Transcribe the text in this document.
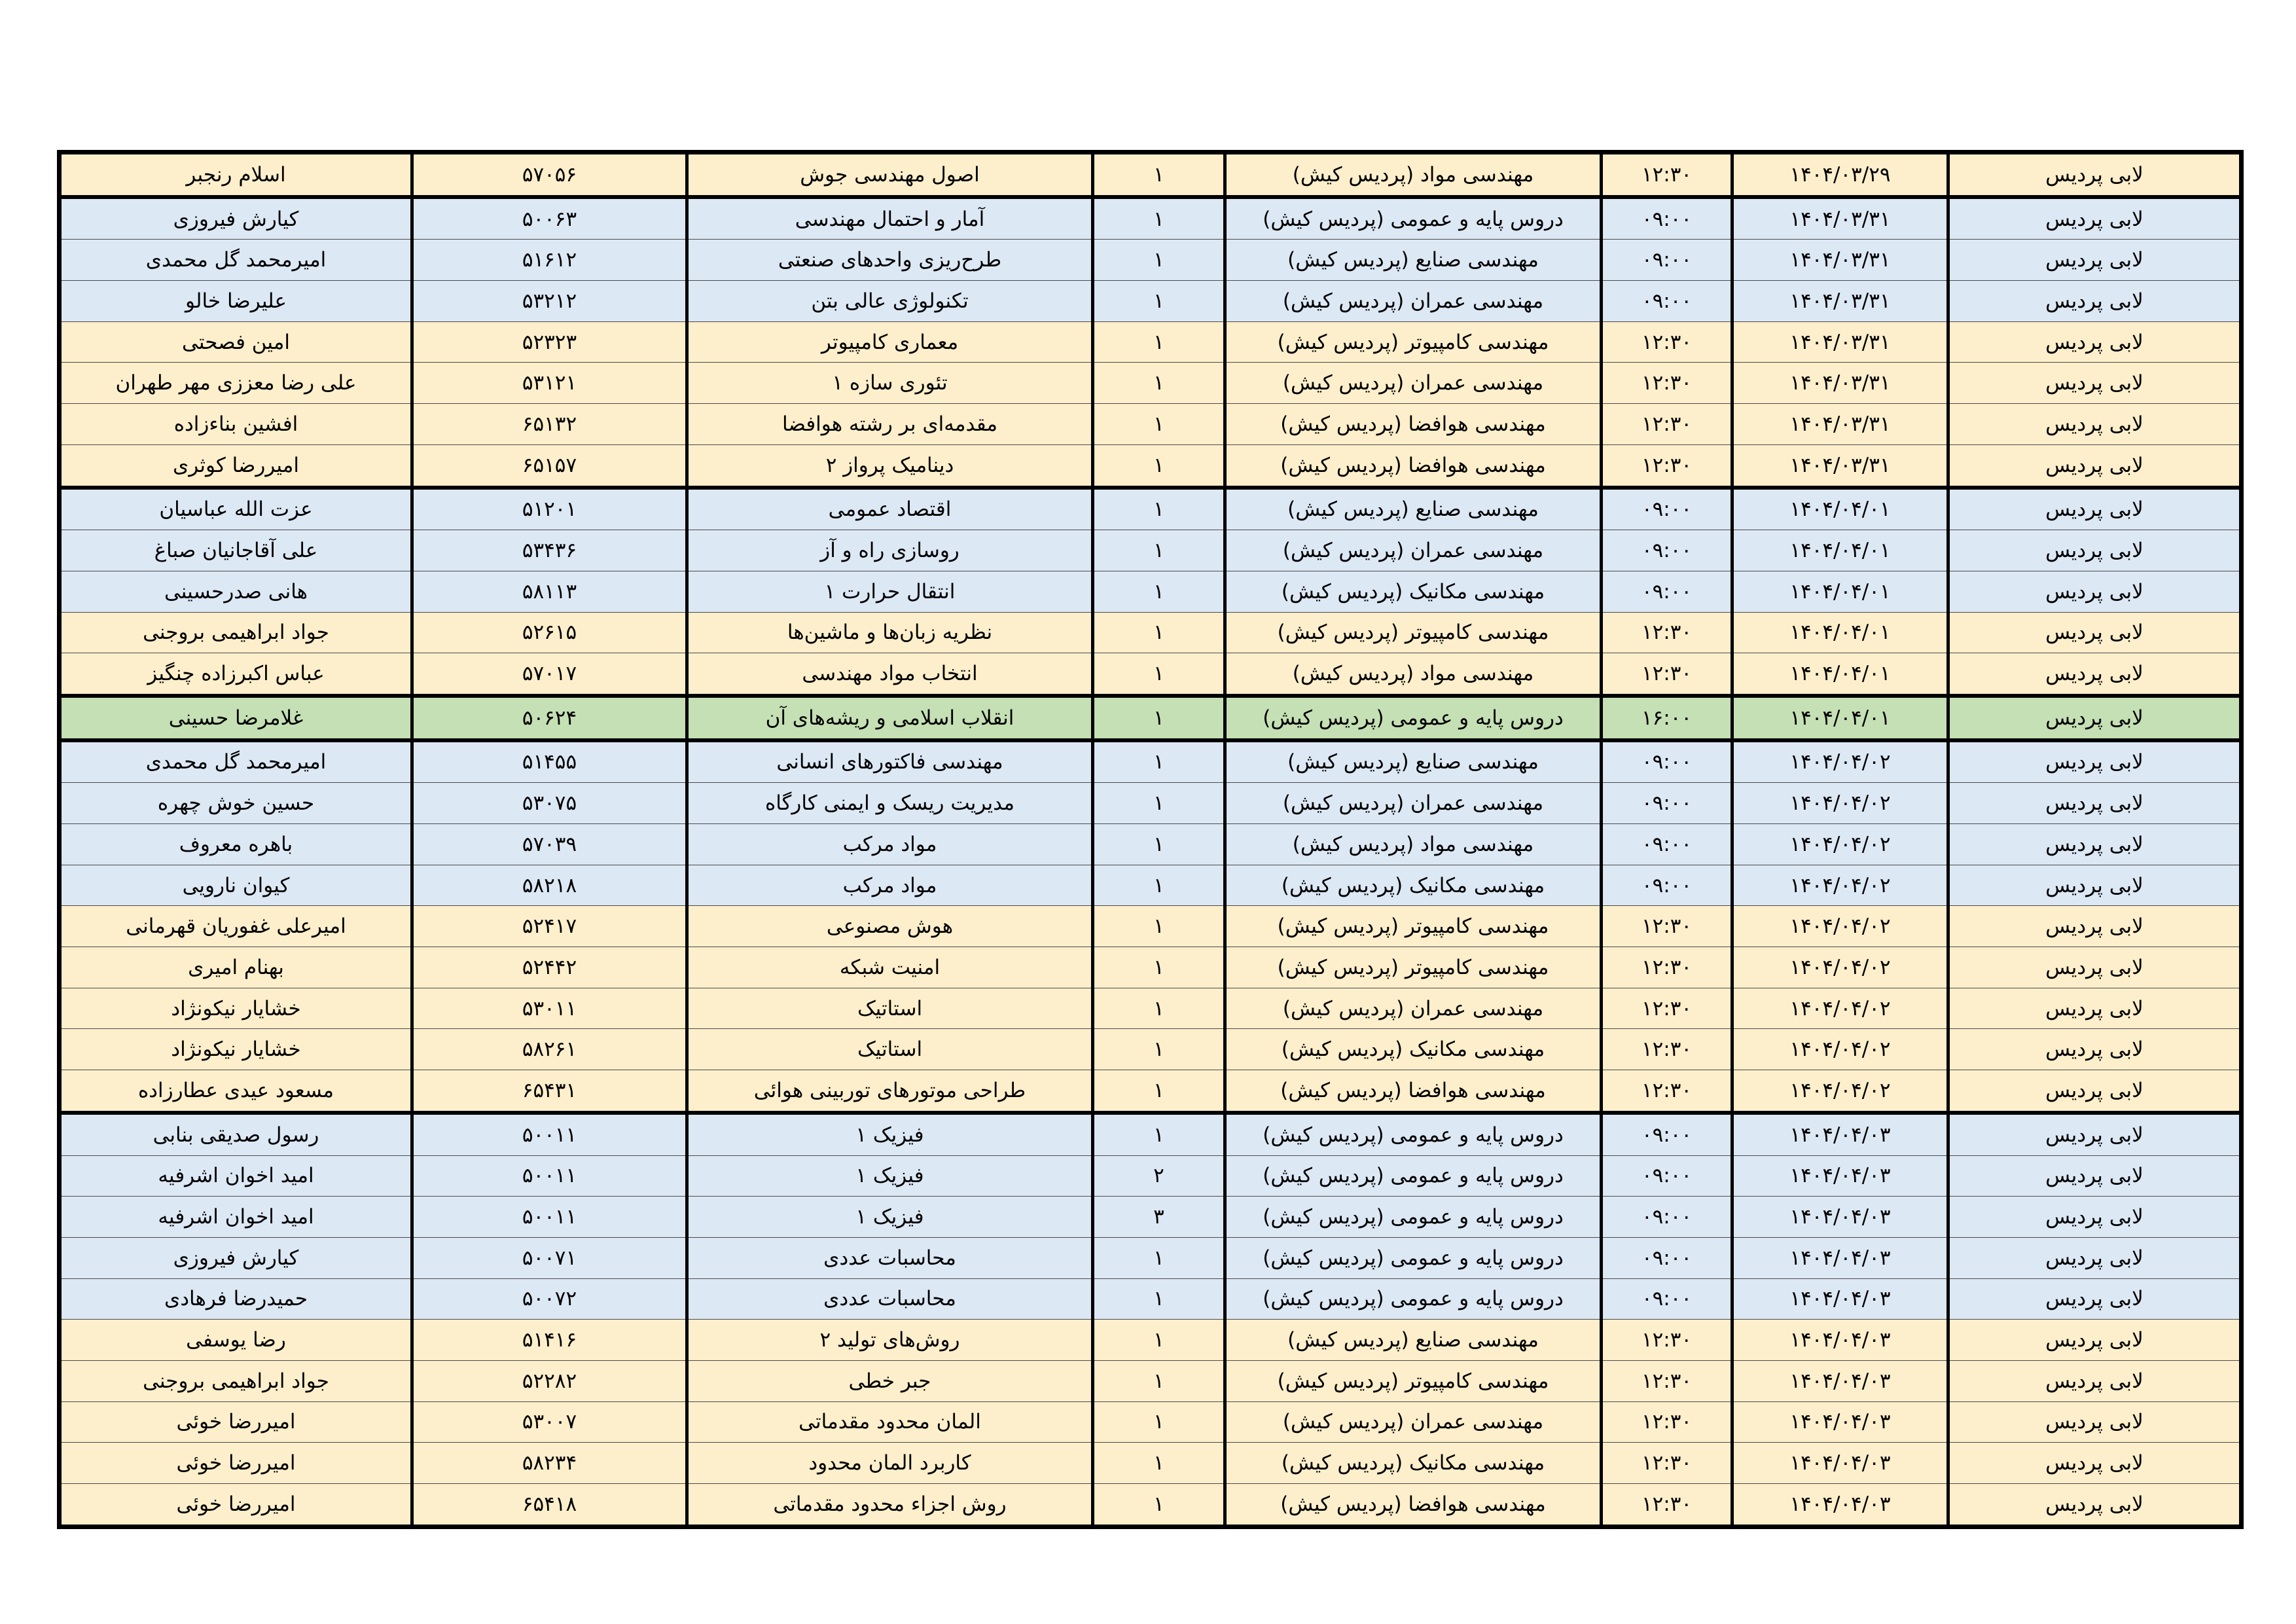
لابی پردیس	۱۴۰۴/۰۳/۲۹	۱۲:۳۰	مهندسی مواد (پردیس کیش)	۱	اصول مهندسی جوش	۵۷۰۵۶	اسلام رنجبر
لابی پردیس	۱۴۰۴/۰۳/۳۱	۰۹:۰۰	دروس پایه و عمومی (پردیس کیش)	۱	آمار و احتمال مهندسی	۵۰۰۶۳	کیارش فیروزی
لابی پردیس	۱۴۰۴/۰۳/۳۱	۰۹:۰۰	مهندسی صنایع (پردیس کیش)	۱	طرح‌ریزی واحدهای صنعتی	۵۱۶۱۲	امیرمحمد گل محمدی
لابی پردیس	۱۴۰۴/۰۳/۳۱	۰۹:۰۰	مهندسی عمران (پردیس کیش)	۱	تکنولوژی عالی بتن	۵۳۲۱۲	علیرضا خالو
لابی پردیس	۱۴۰۴/۰۳/۳۱	۱۲:۳۰	مهندسی کامپیوتر (پردیس کیش)	۱	معماری کامپیوتر	۵۲۳۲۳	امین فصحتی
لابی پردیس	۱۴۰۴/۰۳/۳۱	۱۲:۳۰	مهندسی عمران (پردیس کیش)	۱	تئوری سازه ۱	۵۳۱۲۱	علی رضا معززی مهر طهران
لابی پردیس	۱۴۰۴/۰۳/۳۱	۱۲:۳۰	مهندسی هوافضا (پردیس کیش)	۱	مقدمه‌ای بر رشته هوافضا	۶۵۱۳۲	افشین بناءزاده
لابی پردیس	۱۴۰۴/۰۳/۳۱	۱۲:۳۰	مهندسی هوافضا (پردیس کیش)	۱	دینامیک پرواز ۲	۶۵۱۵۷	امیررضا کوثری
لابی پردیس	۱۴۰۴/۰۴/۰۱	۰۹:۰۰	مهندسی صنایع (پردیس کیش)	۱	اقتصاد عمومی	۵۱۲۰۱	عزت الله عباسیان
لابی پردیس	۱۴۰۴/۰۴/۰۱	۰۹:۰۰	مهندسی عمران (پردیس کیش)	۱	روسازی راه و آز	۵۳۴۳۶	علی آقاجانیان صباغ
لابی پردیس	۱۴۰۴/۰۴/۰۱	۰۹:۰۰	مهندسی مکانیک (پردیس کیش)	۱	انتقال حرارت ۱	۵۸۱۱۳	هانی صدرحسینی
لابی پردیس	۱۴۰۴/۰۴/۰۱	۱۲:۳۰	مهندسی کامپیوتر (پردیس کیش)	۱	نظریه زبان‌ها و ماشین‌ها	۵۲۶۱۵	جواد ابراهیمی بروجنی
لابی پردیس	۱۴۰۴/۰۴/۰۱	۱۲:۳۰	مهندسی مواد (پردیس کیش)	۱	انتخاب مواد مهندسی	۵۷۰۱۷	عباس اکبرزاده چنگیز
لابی پردیس	۱۴۰۴/۰۴/۰۱	۱۶:۰۰	دروس پایه و عمومی (پردیس کیش)	۱	انقلاب اسلامی و ریشه‌های آن	۵۰۶۲۴	غلامرضا حسینی
لابی پردیس	۱۴۰۴/۰۴/۰۲	۰۹:۰۰	مهندسی صنایع (پردیس کیش)	۱	مهندسی فاکتورهای انسانی	۵۱۴۵۵	امیرمحمد گل محمدی
لابی پردیس	۱۴۰۴/۰۴/۰۲	۰۹:۰۰	مهندسی عمران (پردیس کیش)	۱	مدیریت ریسک و ایمنی کارگاه	۵۳۰۷۵	حسین خوش چهره
لابی پردیس	۱۴۰۴/۰۴/۰۲	۰۹:۰۰	مهندسی مواد (پردیس کیش)	۱	مواد مرکب	۵۷۰۳۹	باهره معروف
لابی پردیس	۱۴۰۴/۰۴/۰۲	۰۹:۰۰	مهندسی مکانیک (پردیس کیش)	۱	مواد مرکب	۵۸۲۱۸	کیوان نارویی
لابی پردیس	۱۴۰۴/۰۴/۰۲	۱۲:۳۰	مهندسی کامپیوتر (پردیس کیش)	۱	هوش مصنوعی	۵۲۴۱۷	امیرعلی غفوریان قهرمانی
لابی پردیس	۱۴۰۴/۰۴/۰۲	۱۲:۳۰	مهندسی کامپیوتر (پردیس کیش)	۱	امنیت شبکه	۵۲۴۴۲	بهنام امیری
لابی پردیس	۱۴۰۴/۰۴/۰۲	۱۲:۳۰	مهندسی عمران (پردیس کیش)	۱	استاتیک	۵۳۰۱۱	خشایار نیکونژاد
لابی پردیس	۱۴۰۴/۰۴/۰۲	۱۲:۳۰	مهندسی مکانیک (پردیس کیش)	۱	استاتیک	۵۸۲۶۱	خشایار نیکونژاد
لابی پردیس	۱۴۰۴/۰۴/۰۲	۱۲:۳۰	مهندسی هوافضا (پردیس کیش)	۱	طراحی موتورهای توربینی هوائی	۶۵۴۳۱	مسعود عیدی عطارزاده
لابی پردیس	۱۴۰۴/۰۴/۰۳	۰۹:۰۰	دروس پایه و عمومی (پردیس کیش)	۱	فیزیک ۱	۵۰۰۱۱	رسول صدیقی بنابی
لابی پردیس	۱۴۰۴/۰۴/۰۳	۰۹:۰۰	دروس پایه و عمومی (پردیس کیش)	۲	فیزیک ۱	۵۰۰۱۱	امید اخوان اشرفیه
لابی پردیس	۱۴۰۴/۰۴/۰۳	۰۹:۰۰	دروس پایه و عمومی (پردیس کیش)	۳	فیزیک ۱	۵۰۰۱۱	امید اخوان اشرفیه
لابی پردیس	۱۴۰۴/۰۴/۰۳	۰۹:۰۰	دروس پایه و عمومی (پردیس کیش)	۱	محاسبات عددی	۵۰۰۷۱	کیارش فیروزی
لابی پردیس	۱۴۰۴/۰۴/۰۳	۰۹:۰۰	دروس پایه و عمومی (پردیس کیش)	۱	محاسبات عددی	۵۰۰۷۲	حمیدرضا فرهادی
لابی پردیس	۱۴۰۴/۰۴/۰۳	۱۲:۳۰	مهندسی صنایع (پردیس کیش)	۱	روش‌های تولید ۲	۵۱۴۱۶	رضا یوسفی
لابی پردیس	۱۴۰۴/۰۴/۰۳	۱۲:۳۰	مهندسی کامپیوتر (پردیس کیش)	۱	جبر خطی	۵۲۲۸۲	جواد ابراهیمی بروجنی
لابی پردیس	۱۴۰۴/۰۴/۰۳	۱۲:۳۰	مهندسی عمران (پردیس کیش)	۱	المان محدود مقدماتی	۵۳۰۰۷	امیررضا خوئی
لابی پردیس	۱۴۰۴/۰۴/۰۳	۱۲:۳۰	مهندسی مکانیک (پردیس کیش)	۱	کاربرد المان محدود	۵۸۲۳۴	امیررضا خوئی
لابی پردیس	۱۴۰۴/۰۴/۰۳	۱۲:۳۰	مهندسی هوافضا (پردیس کیش)	۱	روش اجزاء محدود مقدماتی	۶۵۴۱۸	امیررضا خوئی
